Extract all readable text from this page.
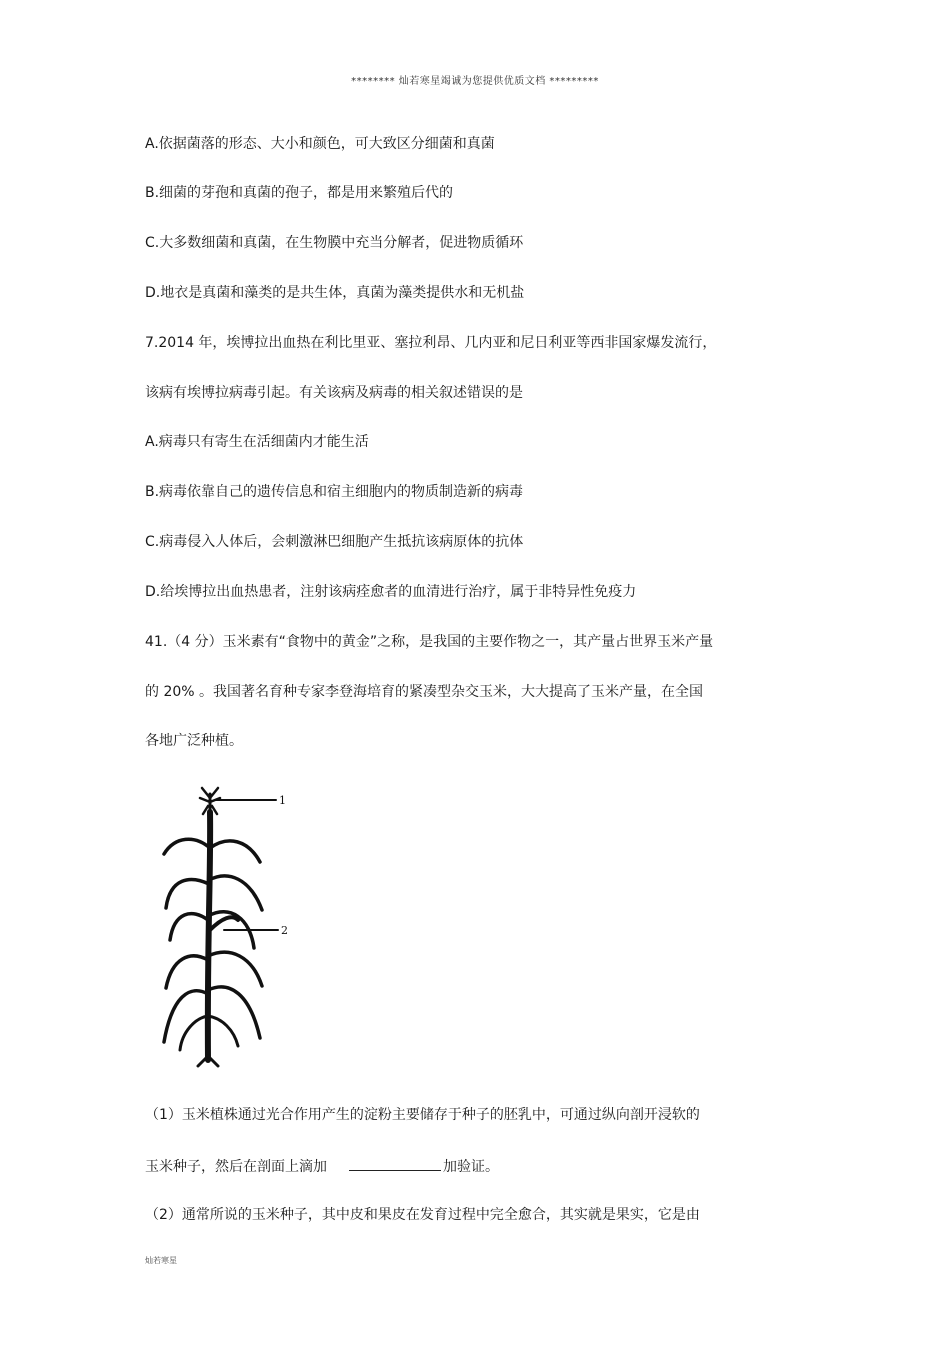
******** 灿若寒星竭诚为您提供优质文档 *********
A.依据菌落的形态、大小和颜色，可大致区分细菌和真菌
B.细菌的芽孢和真菌的孢子，都是用来繁殖后代的
C.大多数细菌和真菌，在生物膜中充当分解者，促进物质循环
D.地衣是真菌和藻类的是共生体，真菌为藻类提供水和无机盐
7.2014 年，埃博拉出血热在利比里亚、塞拉利昂、几内亚和尼日利亚等西非国家爆发流行，
该病有埃博拉病毒引起。有关该病及病毒的相关叙述错误的是
A.病毒只有寄生在活细菌内才能生活
B.病毒依靠自己的遗传信息和宿主细胞内的物质制造新的病毒
C.病毒侵入人体后，会刺激淋巴细胞产生抵抗该病原体的抗体
D.给埃博拉出血热患者，注射该病痊愈者的血清进行治疗，属于非特异性免疫力
41.（4 分）玉米素有“食物中的黄金”之称，是我国的主要作物之一，其产量占世界玉米产量
的 20% 。我国著名育种专家李登海培育的紧凑型杂交玉米，大大提高了玉米产量，在全国
各地广泛种植。
1
2
（1）玉米植株通过光合作用产生的淀粉主要储存于种子的胚乳中，可通过纵向剖开浸软的
玉米种子，然后在剖面上滴加	加验证。
（2）通常所说的玉米种子，其中皮和果皮在发育过程中完全愈合，其实就是果实，它是由
灿若寒星
